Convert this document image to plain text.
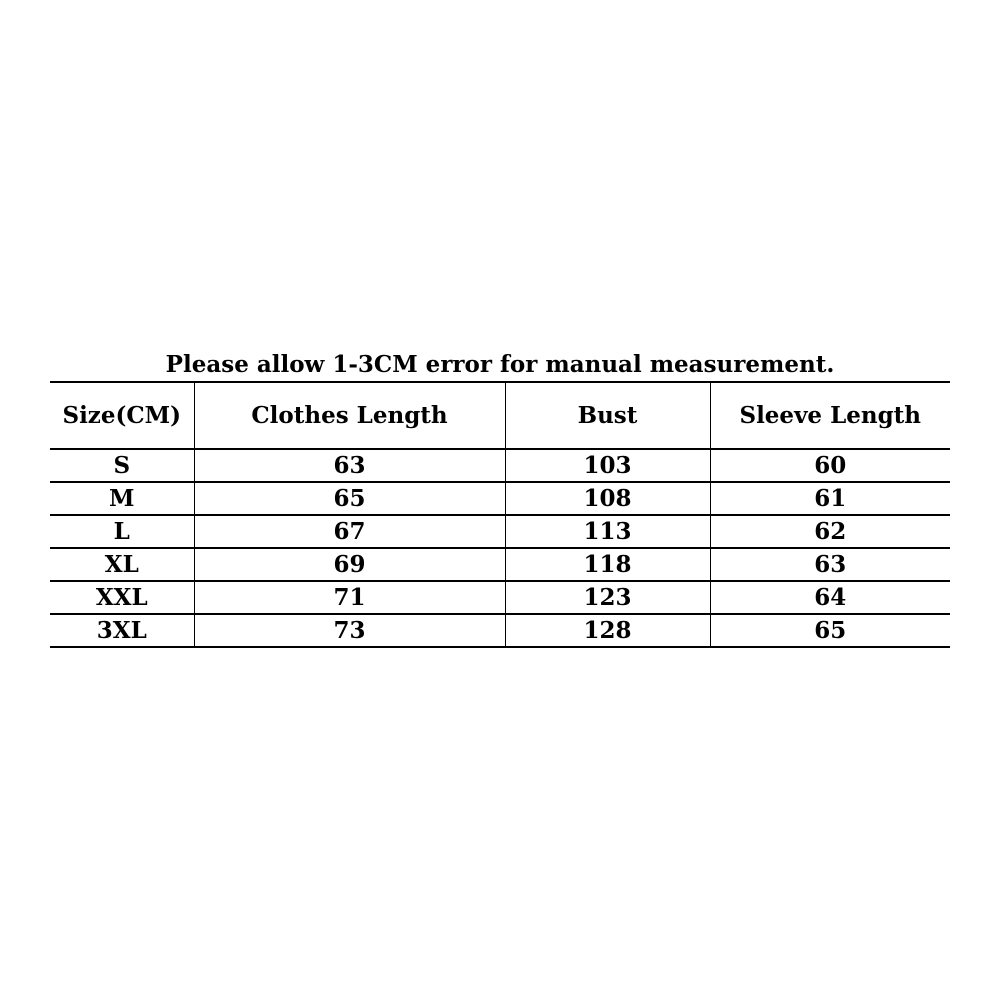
Please allow 1-3CM error for manual measurement.
Size(CM)	Clothes Length	Bust	Sleeve Length
S	63	103	60
M	65	108	61
L	67	113	62
XL	69	118	63
XXL	71	123	64
3XL	73	128	65
